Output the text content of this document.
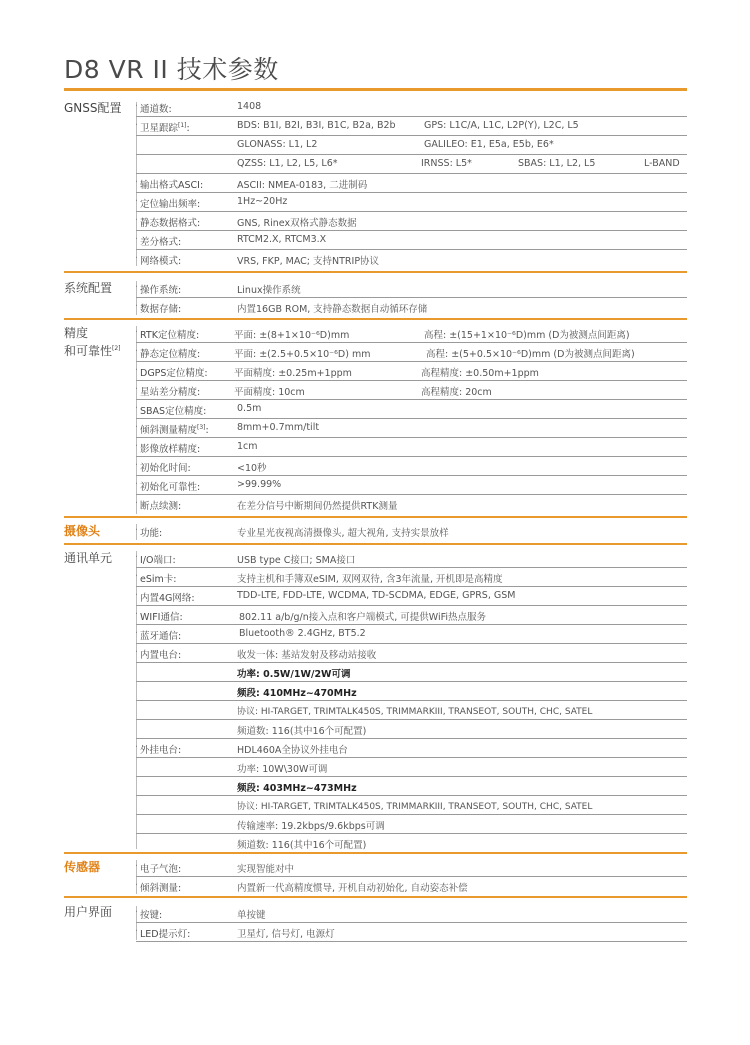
D8 VR II 技术参数
GNSS配置 · 通道数:	1408
· 卫星跟踪[1]:	BDS: B1I, B2I, B3I, B1C, B2a, B2b	GPS: L1C/A, L1C, L2P(Y), L2C, L5
GLONASS: L1, L2	GALILEO: E1, E5a, E5b, E6*
QZSS: L1, L2, L5, L6*	IRNSS: L5*	SBAS: L1, L2, L5	L-BAND
· 输出格式ASCI:	ASCII: NMEA-0183, 二进制码
· 定位输出频率:	1Hz~20Hz
· 静态数据格式:	GNS, Rinex双格式静态数据
· 差分格式:	RTCM2.X, RTCM3.X
· 网络模式:	VRS, FKP, MAC; 支持NTRIP协议
系统配置	· 操作系统:	Linux操作系统
· 数据存储:	内置16GB ROM, 支持静态数据自动循环存储
精度
和可靠性[2]
· RTK定位精度:	平面: ±(8+1×10⁻⁶D)mm	高程: ±(15+1×10⁻⁶D)mm (D为被测点间距离)
· 静态定位精度:	平面: ±(2.5+0.5×10⁻⁶D) mm	高程: ±(5+0.5×10⁻⁶D)mm (D为被测点间距离)
· DGPS定位精度:	平面精度: ±0.25m+1ppm	高程精度: ±0.50m+1ppm
· 星站差分精度:	平面精度: 10cm	高程精度: 20cm
· SBAS定位精度:	0.5m
· 倾斜测量精度[3]:	8mm+0.7mm/tilt
· 影像放样精度:	1cm
· 初始化时间:	<10秒
· 初始化可靠性:	>99.99%
· 断点续测:	在差分信号中断期间仍然提供RTK测量
摄像头	· 功能:	专业星光夜视高清摄像头, 超大视角, 支持实景放样
通讯单元	· I/O端口:	USB type C接口; SMA接口
· eSim卡:	支持主机和手簿双eSIM, 双网双待, 含3年流量, 开机即是高精度
· 内置4G网络:	TDD-LTE, FDD-LTE, WCDMA, TD-SCDMA, EDGE, GPRS, GSM
· WIFI通信:	802.11 a/b/g/n接入点和客户端模式, 可提供WiFi热点服务
· 蓝牙通信:	Bluetooth® 2.4GHz, BT5.2
· 内置电台:	收发一体: 基站发射及移动站接收
功率: 0.5W/1W/2W可调
频段: 410MHz~470MHz
协议: HI-TARGET, TRIMTALK450S, TRIMMARKIII, TRANSEOT, SOUTH, CHC, SATEL
频道数: 116(其中16个可配置)
· 外挂电台:	HDL460A全协议外挂电台
功率: 10W\30W可调
频段: 403MHz~473MHz
协议: HI-TARGET, TRIMTALK450S, TRIMMARKIII, TRANSEOT, SOUTH, CHC, SATEL
传输速率: 19.2kbps/9.6kbps可调
频道数: 116(其中16个可配置)
传感器	· 电子气泡:	实现智能对中
· 倾斜测量:	内置新一代高精度惯导, 开机自动初始化, 自动姿态补偿
用户界面	· 按键:	单按键
· LED提示灯:	卫星灯, 信号灯, 电源灯
